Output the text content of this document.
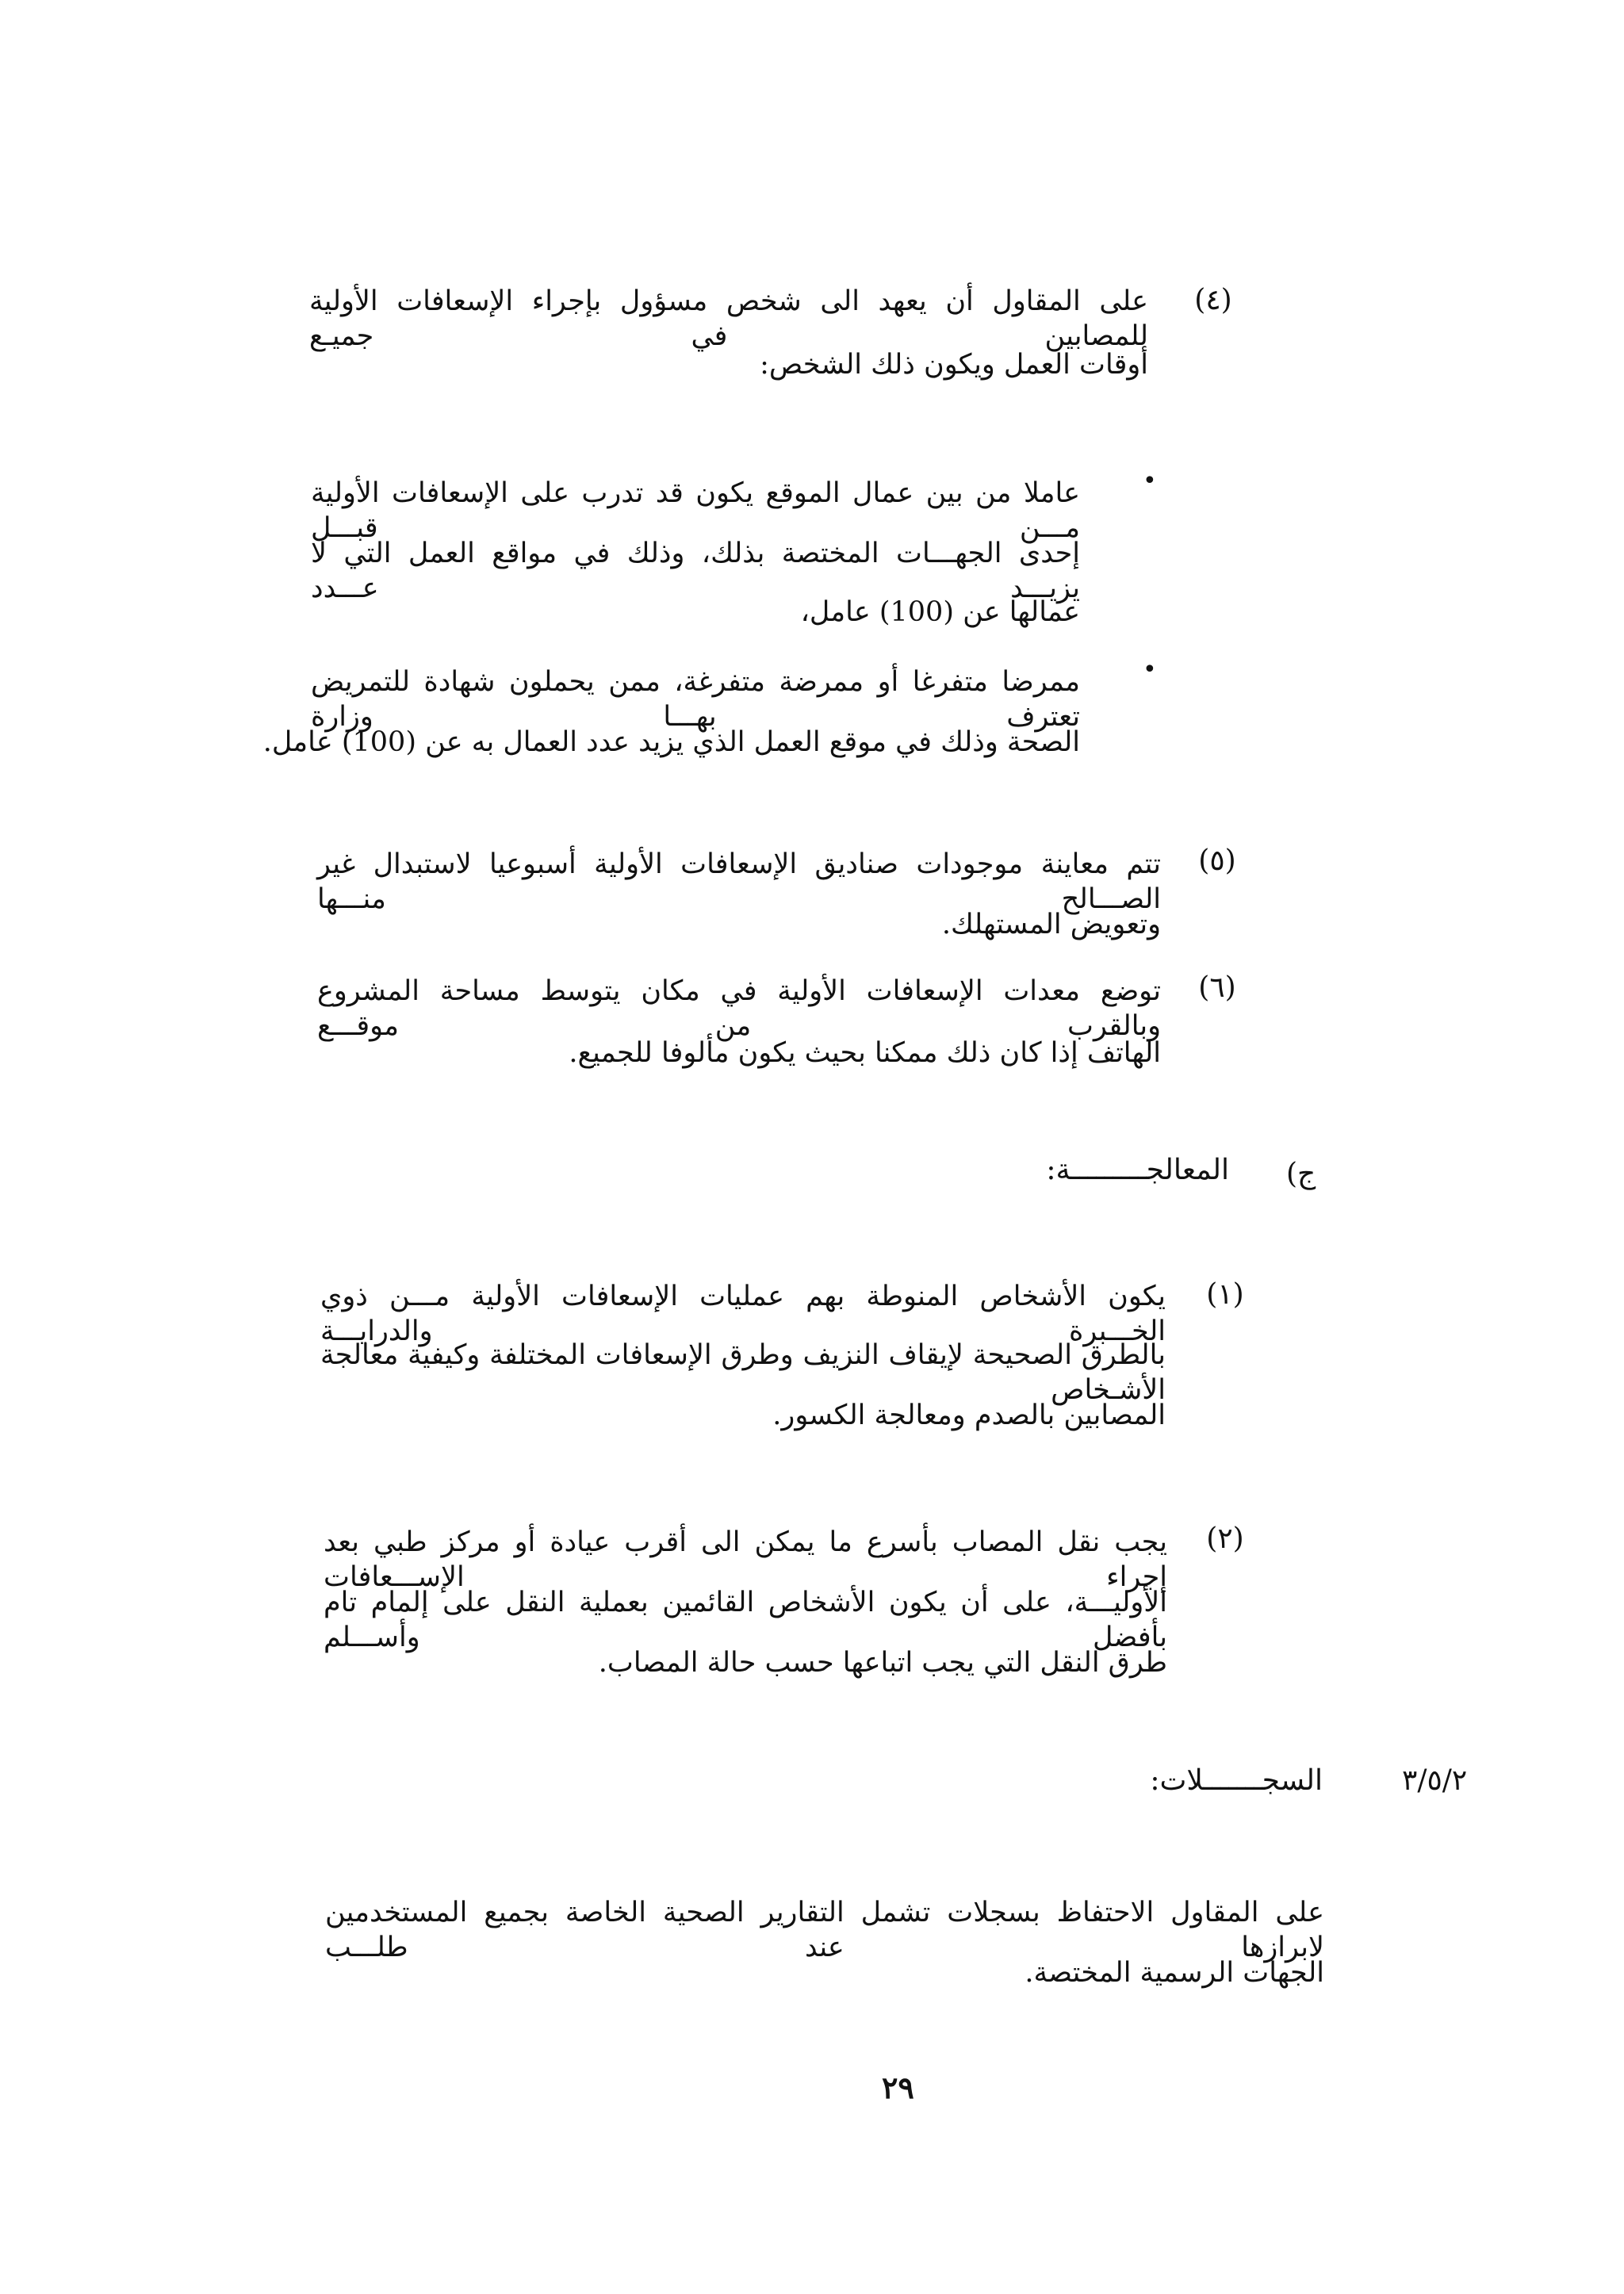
(٤)
على المقاول أن يعهد الى شخص مسؤول بإجراء الإسعافات الأولية للمصابين في جميـع
أوقات العمل ويكون ذلك الشخص:
•
عاملا من بين عمال الموقع يكون قد تدرب على الإسعافات الأولية مـــن قبـــل
إحدى الجهـــات المختصة بذلك، وذلك في مواقع العمل التي لا يزيـــد عـــدد
عمالها عن (100) عامل،
•
ممرضا متفرغا أو ممرضة متفرغة، ممن يحملون شهادة للتمريض تعترف بهـــا وزارة
الصحة وذلك في موقع العمل الذي يزيد عدد العمال به عن (100) عامل.
(٥)
تتم معاينة موجودات صناديق الإسعافات الأولية أسبوعيا لاستبدال غير الصـــالح منـــها
وتعويض المستهلك.
(٦)
توضع معدات الإسعافات الأولية في مكان يتوسط مساحة المشروع وبالقرب من موقـــع
الهاتف إذا كان ذلك ممكنا بحيث يكون مألوفا للجميع.
ج)
المعالجـــــــــة:
(١)
يكون الأشخاص المنوطة بهم عمليات الإسعافات الأولية مـــن ذوي الخـــبرة والدرايـــة
بالطرق الصحيحة لإيقاف النزيف وطرق الإسعافات المختلفة وكيفية معالجة الأشـخاص
المصابين بالصدم ومعالجة الكسور.
(٢)
يجب نقل المصاب بأسرع ما يمكن الى أقرب عيادة أو مركز طبي بعد إجراء الإســـعافات
الأوليـــة، على أن يكون الأشخاص القائمين بعملية النقل على إلمام تام بأفضل وأســـلم
طرق النقل التي يجب اتباعها حسب حالة المصاب.
٣/٥/٢
السجـــــــلات:
على المقاول الاحتفاظ بسجلات تشمل التقارير الصحية الخاصة بجميع المستخدمين لابرازها عند طلـــب
الجهات الرسمية المختصة.
٢٩
